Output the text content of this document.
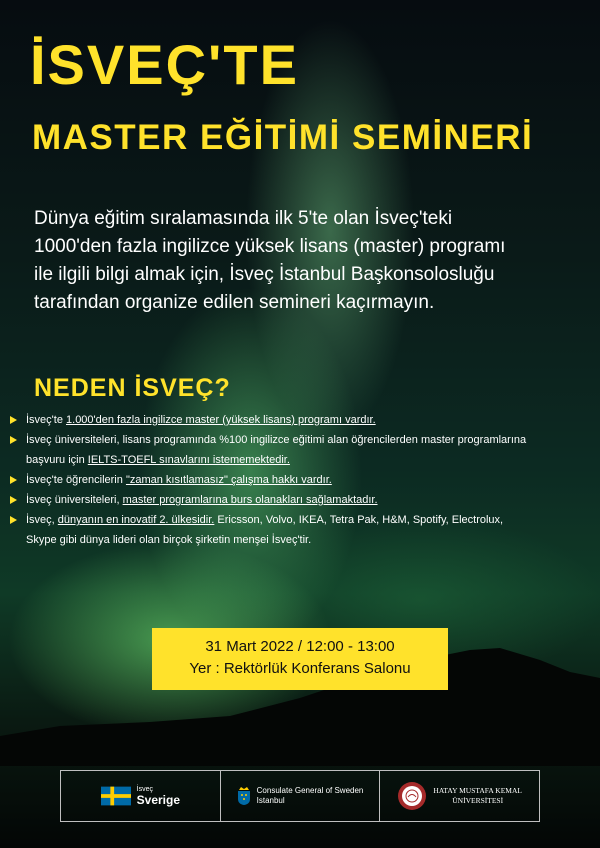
İSVEÇ'TE
MASTER EĞİTİMİ SEMİNERİ
Dünya eğitim sıralamasında ilk 5'te olan İsveç'teki
1000'den fazla ingilizce yüksek lisans (master) programı
ile ilgili bilgi almak için, İsveç İstanbul Başkonsolosluğu
tarafından organize edilen semineri kaçırmayın.
NEDEN İSVEÇ?
İsveç'te 1.000'den fazla ingilizce master (yüksek lisans) programı vardır.
İsveç üniversiteleri, lisans programında %100 ingilizce eğitimi alan öğrencilerden master programlarına
başvuru için IELTS-TOEFL sınavlarını istememektedir.
İsveç'te öğrencilerin "zaman kısıtlamasız" çalışma hakkı vardır.
İsveç üniversiteleri, master programlarına burs olanakları sağlamaktadır.
İsveç, dünyanın en inovatif 2. ülkesidir. Ericsson, Volvo, IKEA, Tetra Pak, H&M, Spotify, Electrolux,
Skype gibi dünya lideri olan birçok şirketin menşei İsveç'tir.
31 Mart 2022 / 12:00 - 13:00
Yer : Rektörlük Konferans Salonu
İsveç
Sverige
Consulate General of Sweden
Istanbul
HATAY MUSTAFA KEMAL
ÜNİVERSİTESİ
